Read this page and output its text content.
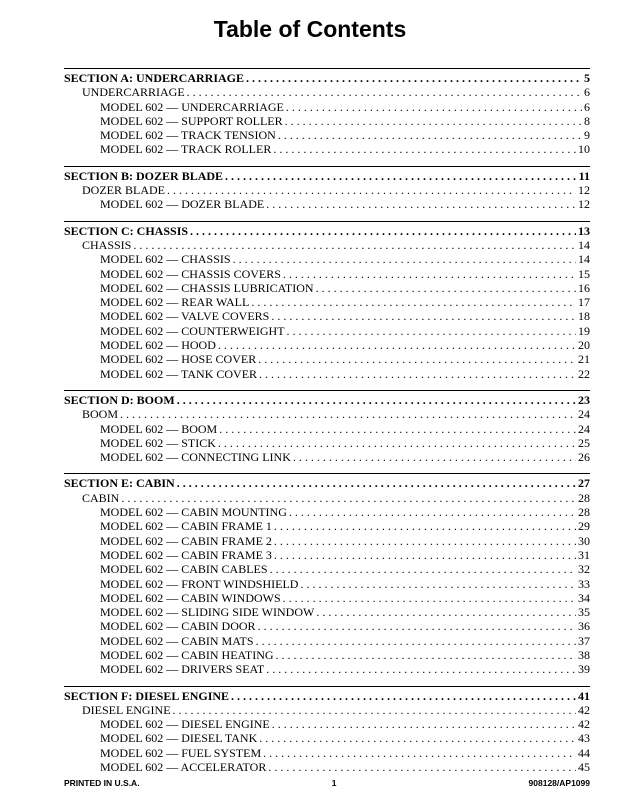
Table of Contents
SECTION A: UNDERCARRIAGE . . .	5
UNDERCARRIAGE . . .	6
MODEL 602 — UNDERCARRIAGE . . .	6
MODEL 602 — SUPPORT ROLLER . . .	8
MODEL 602 — TRACK TENSION . . .	9
MODEL 602 — TRACK ROLLER . . .	10
SECTION B: DOZER BLADE . . .	11
DOZER BLADE . . .	12
MODEL 602 — DOZER BLADE . . .	12
SECTION C: CHASSIS . . .	13
CHASSIS . . .	14
MODEL 602 — CHASSIS . . .	14
MODEL 602 — CHASSIS COVERS . . .	15
MODEL 602 — CHASSIS LUBRICATION . . .	16
MODEL 602 — REAR WALL . . .	17
MODEL 602 — VALVE COVERS . . .	18
MODEL 602 — COUNTERWEIGHT . . .	19
MODEL 602 — HOOD . . .	20
MODEL 602 — HOSE COVER . . .	21
MODEL 602 — TANK COVER . . .	22
SECTION D: BOOM . . .	23
BOOM . . .	24
MODEL 602 — BOOM . . .	24
MODEL 602 — STICK . . .	25
MODEL 602 — CONNECTING LINK . . .	26
SECTION E: CABIN . . .	27
CABIN . . .	28
MODEL 602 — CABIN MOUNTING . . .	28
MODEL 602 — CABIN FRAME 1 . . .	29
MODEL 602 — CABIN FRAME 2 . . .	30
MODEL 602 — CABIN FRAME 3 . . .	31
MODEL 602 — CABIN CABLES . . .	32
MODEL 602 — FRONT WINDSHIELD . . .	33
MODEL 602 — CABIN WINDOWS . . .	34
MODEL 602 — SLIDING SIDE WINDOW . . .	35
MODEL 602 — CABIN DOOR . . .	36
MODEL 602 — CABIN MATS . . .	37
MODEL 602 — CABIN HEATING . . .	38
MODEL 602 — DRIVERS SEAT . . .	39
SECTION F: DIESEL ENGINE . . .	41
DIESEL ENGINE . . .	42
MODEL 602 — DIESEL ENGINE . . .	42
MODEL 602 — DIESEL TANK . . .	43
MODEL 602 — FUEL SYSTEM . . .	44
MODEL 602 — ACCELERATOR . . .	45
PRINTED IN U.S.A.	1	908128/AP1099
